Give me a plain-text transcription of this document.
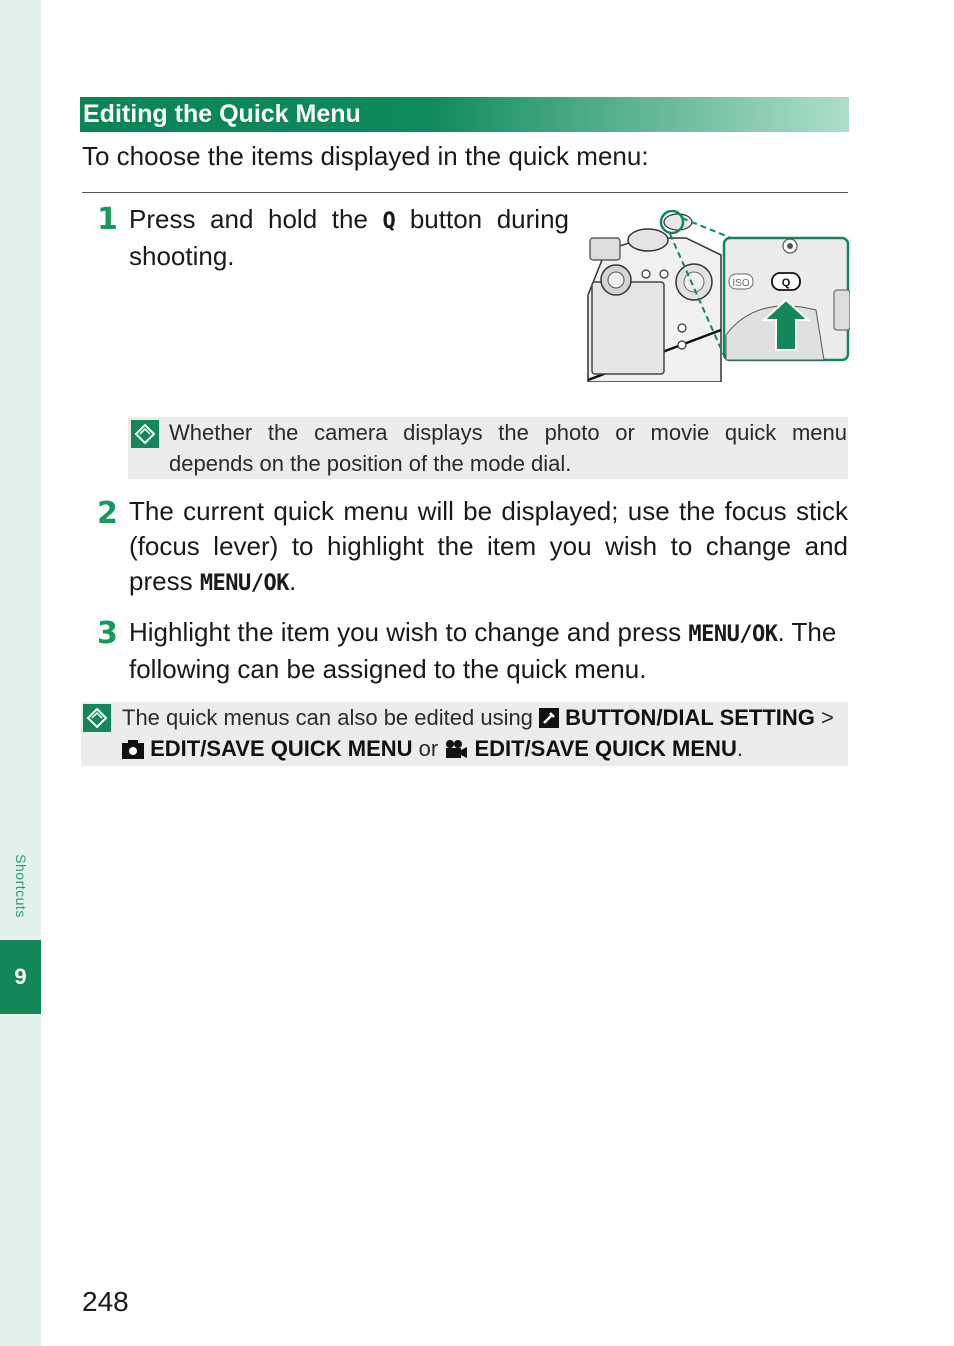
Shortcuts
9
Editing the Quick Menu
To choose the items displayed in the quick menu:
1 Press and hold the Q button during shooting.
ISO	Q
Whether the camera displays the photo or movie quick menu depends on the position of the mode dial.
2 The current quick menu will be displayed; use the focus stick (focus lever) to highlight the item you wish to change and press MENU/OK.
3 Highlight the item you wish to change and press MENU/OK. The following can be assigned to the quick menu.
The quick menus can also be edited using  BUTTON/DIAL SETTING >
EDIT/SAVE QUICK MENU or  EDIT/SAVE QUICK MENU.
248
